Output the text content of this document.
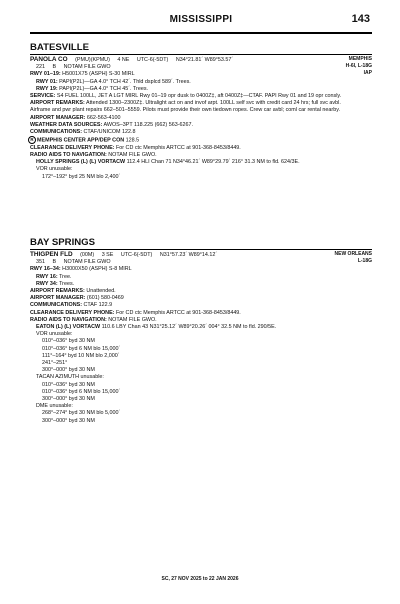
MISSISSIPPI	143
BATESVILLE
MEMPHIS
H-6I, L-18G
IAP
PANOLA CO (PMU)(KPMU) 4 NE UTC-6(-5DT) N34°21.81´ W89°53.57´
221 B NOTAM FILE GWO
RWY 01–19: H5001X75 (ASPH) S-30 MIRL
RWY 01: PAPI(P2L)—GA 4.0° TCH 42´. Thld dsplcd 589´. Trees.
RWY 19: PAPI(P2L)—GA 4.0° TCH 45´. Trees.
SERVICE: S4 FUEL 100LL, JET A LGT MIRL Rwy 01–19 opr dusk to 0400Z‡, aft 0400Z‡—CTAF. PAPI Rwy 01 and 19 opr consly.
AIRPORT REMARKS: Attended 1300–2300Z‡. Ultralight act on and invof arpt. 100LL self svc with credit card 24 hrs; full svc avbl. Airframe and pwr plant repairs 662–501–5559. Pilots must provide their own tiedown ropes. Crew car avbl; coml car rental nearby.
AIRPORT MANAGER: 662-563-4100
WEATHER DATA SOURCES: AWOS–3PT 118.225 (662) 563-6267.
COMMUNICATIONS: CTAF/UNICOM 122.8
R MEMPHIS CENTER APP/DEP CON 128.5
CLEARANCE DELIVERY PHONE: For CD ctc Memphis ARTCC at 901-368-8453/8449.
RADIO AIDS TO NAVIGATION: NOTAM FILE GWO.
HOLLY SPRINGS (L) (L) VORTACW 112.4 HLI Chan 71 N34°46.21´ W89°29.79´ 216° 31.3 NM to fld. 624/3E.
VOR unusable:
172°–192° byd 25 NM blo 2,400´
BAY SPRINGS
NEW ORLEANS
L-18G
THIGPEN FLD (00M) 3 SE UTC-6(-5DT) N31°57.23´ W89°14.12´
351 B NOTAM FILE GWO
RWY 16–34: H3000X50 (ASPH) S-8 MIRL
RWY 16: Tree.
RWY 34: Trees.
AIRPORT REMARKS: Unattended.
AIRPORT MANAGER: (601) 580-0469
COMMUNICATIONS: CTAF 122.9
CLEARANCE DELIVERY PHONE: For CD ctc Memphis ARTCC at 901-368-8453/8449.
RADIO AIDS TO NAVIGATION: NOTAM FILE GWO.
EATON (L) (L) VORTACW 110.6 LBY Chan 43 N31°25.12´ W89°20.26´ 004° 32.5 NM to fld. 290/5E.
VOR unusable:
010°–036° byd 30 NM
010°–036° byd 6 NM blo 15,000´
111°–164° byd 10 NM blo 2,000´
241°–251°
300°–000° byd 30 NM
TACAN AZIMUTH unusable:
010°–036° byd 30 NM
010°–036° byd 6 NM blo 15,000´
300°–000° byd 30 NM
DME unusable:
268°–274° byd 30 NM blo 5,000´
300°–000° byd 30 NM
SC, 27 NOV 2025 to 22 JAN 2026
